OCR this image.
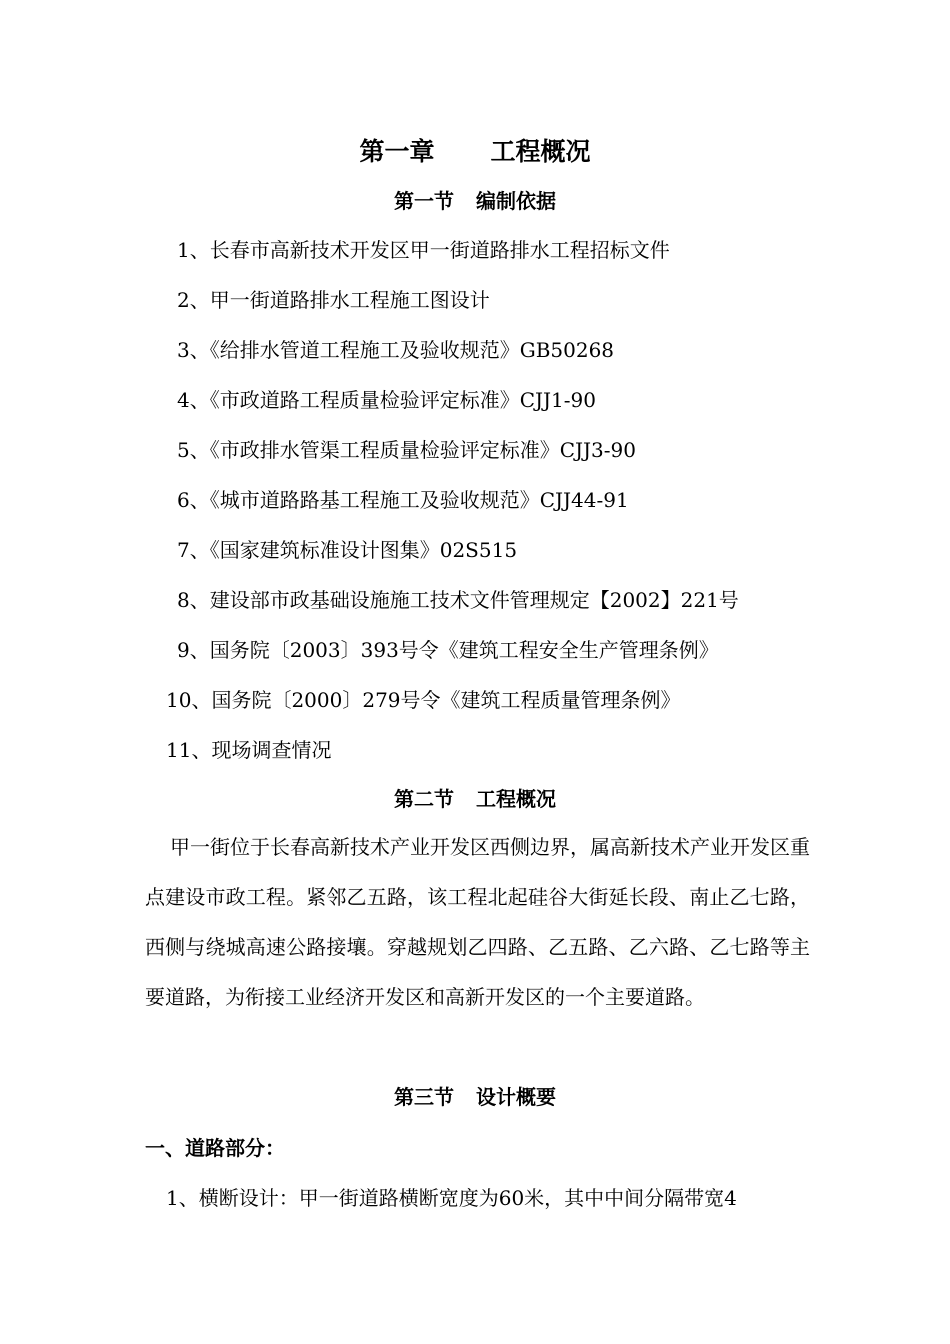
第一章 工程概况
第一节 编制依据
1、长春市高新技术开发区甲一街道路排水工程招标文件
2、甲一街道路排水工程施工图设计
3、《给排水管道工程施工及验收规范》GB50268
4、《市政道路工程质量检验评定标准》CJJ1-90
5、《市政排水管渠工程质量检验评定标准》CJJ3-90
6、《城市道路路基工程施工及验收规范》CJJ44-91
7、《国家建筑标准设计图集》02S515
8、建设部市政基础设施施工技术文件管理规定【2002】221号
9、国务院〔2003〕393号令《建筑工程安全生产管理条例》
10、国务院〔2000〕279号令《建筑工程质量管理条例》
11、现场调查情况
第二节 工程概况
甲一街位于长春高新技术产业开发区西侧边界，属高新技术产业开发区重点建设市政工程。紧邻乙五路，该工程北起硅谷大街延长段、南止乙七路，西侧与绕城高速公路接壤。穿越规划乙四路、乙五路、乙六路、乙七路等主要道路，为衔接工业经济开发区和高新开发区的一个主要道路。
第三节 设计概要
一、道路部分：
1、横断设计：甲一街道路横断宽度为60米，其中中间分隔带宽4
